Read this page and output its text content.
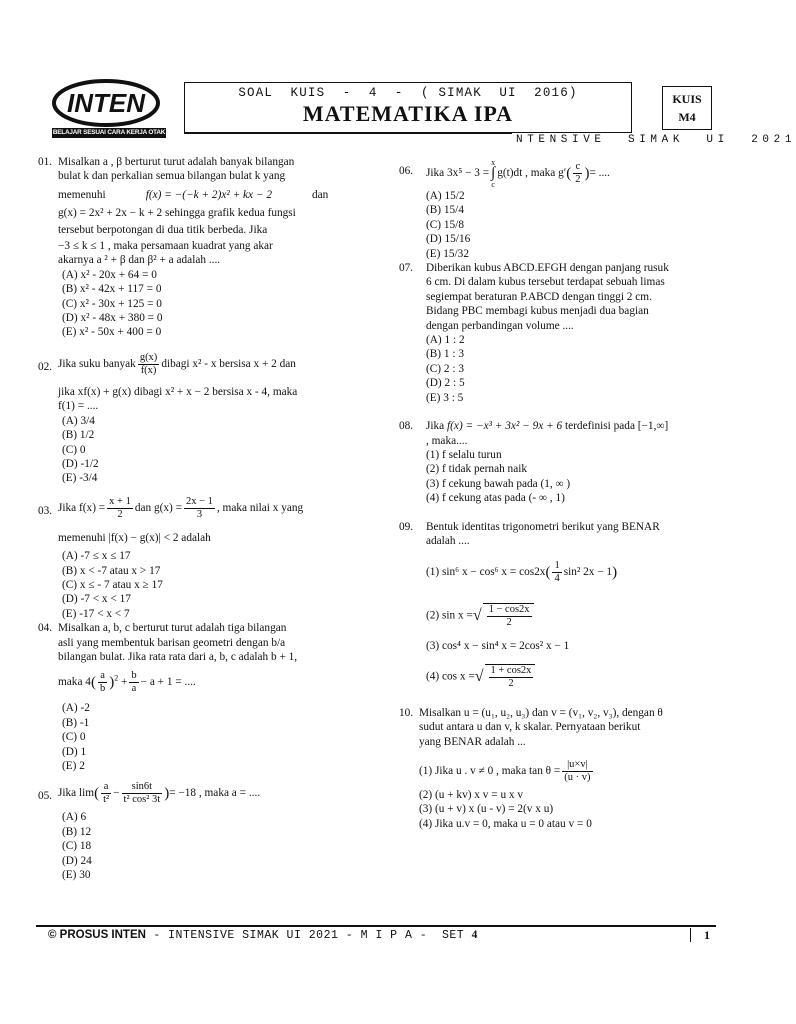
INTEN
BELAJAR SESUAI CARA KERJA OTAK
SOAL  KUIS  -  4  -  ( SIMAK  UI  2016)
MATEMATIKA IPA
KUIS
M4
NTENSIVE  SIMAK  UI  2021
01. Misalkan a , β berturut turut adalah banyak bilangan
bulat k dan perkalian semua bilangan bulat k yang
memenuhi	f(x) = −(−k + 2)x² + kx − 2	dan
g(x) = 2x² + 2x − k + 2 sehingga grafik kedua fungsi
tersebut berpotongan di dua titik berbeda. Jika
−3 ≤ k ≤ 1 , maka persamaan kuadrat yang akar
akarnya a ² + β dan β² + a adalah ....
(A) x² - 20x + 64 = 0
(B) x² - 42x + 117 = 0
(C) x² - 30x + 125 = 0
(D) x² - 48x + 380 = 0
(E) x² - 50x + 400 = 0
02. Jika suku banyak $\frac{g(x)}{f(x)}$ dibagi x² - x bersisa x + 2 dan
jika xf(x) + g(x) dibagi x² + x − 2 bersisa x - 4, maka
f(1) = ....
(A) 3/4
(B) 1/2
(C) 0
(D) -1/2
(E) -3/4
03. Jika $f(x) = \frac{x + 1}{2}$ dan $g(x) = \frac{2x - 1}{3}$ , maka nilai x yang
memenuhi |f(x) − g(x)| < 2 adalah
(A) -7 ≤ x ≤ 17
(B) x < -7 atau x > 17
(C) x ≤ - 7 atau x ≥ 17
(D) -7 < x < 17
(E) -17 < x < 7
04. Misalkan a, b, c berturut turut adalah tiga bilangan
asli yang membentuk barisan geometri dengan b/a
bilangan bulat. Jika rata rata dari a, b, c adalah b + 1,
maka $4( \frac{a}{b} )^2 + \frac{b}{a} - a + 1$ = ....
(A) -2
(B) -1
(C) 0
(D) 1
(E) 2
05. Jika $\lim( \frac{a}{\text{t²}} - \frac{\sin 6t}{\text{t² cos² 3t}}$ )= −18 , maka a = ....
(A) 6
(B) 12
(C) 18
(D) 24
(E) 30
06. Jika 3x⁵ − 3 =
x
∫
c
g(t)dt , maka $g'( \frac{c}{2}$ )= ....
(A) 15/2
(B) 15/4
(C) 15/8
(D) 15/16
(E) 15/32
07. Diberikan kubus ABCD.EFGH dengan panjang rusuk
6 cm. Di dalam kubus tersebut terdapat sebuah limas
segiempat beraturan P.ABCD dengan tinggi 2 cm.
Bidang PBC membagi kubus menjadi dua bagian
dengan perbandingan volume ....
(A) 1 : 2
(B) 1 : 3
(C) 2 : 3
(D) 2 : 5
(E) 3 : 5
08. Jika f(x) = −x³ + 3x² − 9x + 6 terdefinisi pada [−1,∞]
, maka....
(1) f selalu turun
(2) f tidak pernah naik
(3) f cekung bawah pada (1, ∞ )
(4) f cekung atas pada (- ∞ , 1)
09. Bentuk identitas trigonometri berikut yang BENAR
adalah ....
(1) sin⁶ x − cos⁶ $x = \cos 2x( \frac{1}{4} \sin^2$ 2x − 1)
(2) sin x =√ $\frac{1 - \cos 2x}{2}$
(3) cos⁴ x − sin⁴ x = 2cos² x − 1
(4) cos x =√ $\frac{1 + \cos 2x}{2}$
10. Misalkan u = (u₁, u₂, u₃) dan v = (v₁, v₂, v₃), dengan θ
sudut antara u dan v, k skalar. Pernyataan berikut
yang BENAR adalah ...
(1) Jika u . v ≠ 0 , maka $\tan \theta = \frac{|u\times v|}{(u \cdot v)}$
(2) (u + kv) x v = u x v
(3) (u + v) x (u - v) = 2(v x u)
(4) Jika u.v = 0, maka u = 0 atau v = 0
© PROSUS INTEN - INTENSIVE SIMAK UI 2021 - M I P A -  SET 4	1
